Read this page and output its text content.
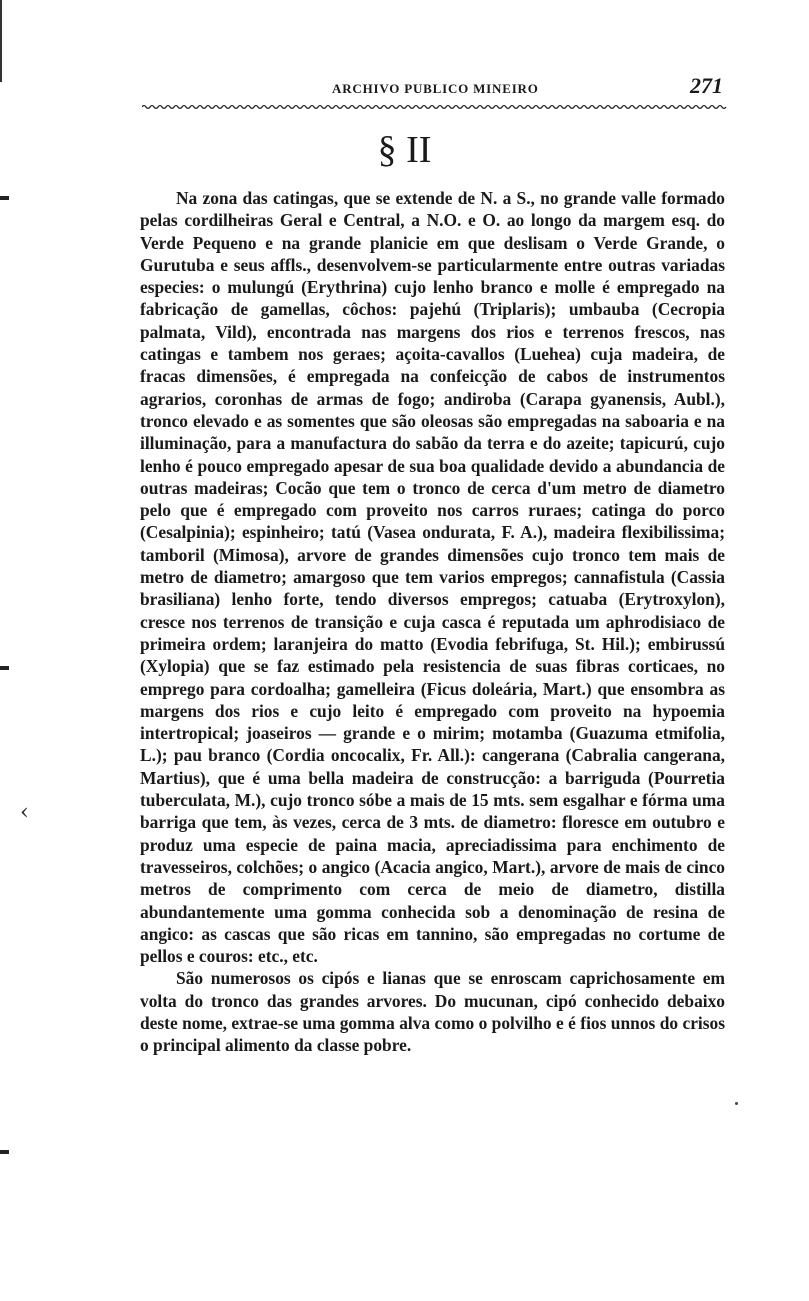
‹
ARCHIVO PUBLICO MINEIRO	271
§ II

Na zona das catingas, que se extende de N. a S., no grande valle formado pelas cordilheiras Geral e Central, a N.O. e O. ao longo da margem esq. do Verde Pequeno e na grande planicie em que deslisam o Verde Grande, o Gurutuba e seus affls., desenvolvem-se particularmente entre outras variadas especies: o mulungú (Erythrina) cujo lenho branco e molle é empregado na fabricação de gamellas, côchos: pajehú (Triplaris); umbauba (Cecropia palmata, Vild), encontrada nas margens dos rios e terrenos frescos, nas catingas e tambem nos geraes; açoita-cavallos (Luehea) cuja madeira, de fracas dimensões, é empregada na confeicção de cabos de instrumentos agrarios, coronhas de armas de fogo; andiroba (Carapa gyanensis, Aubl.), tronco elevado e as somentes que são oleosas são empregadas na saboaria e na illuminação, para a manufactura do sabão da terra e do azeite; tapicurú, cujo lenho é pouco empregado apesar de sua boa qualidade devido a abundancia de outras madeiras; Cocão que tem o tronco de cerca d'um metro de diametro pelo que é empregado com proveito nos carros ruraes; catinga do porco (Cesalpinia); espinheiro; tatú (Vasea ondurata, F. A.), madeira flexibilissima; tamboril (Mimosa), arvore de grandes dimensões cujo tronco tem mais de metro de diametro; amargoso que tem varios empregos; cannafistula (Cassia brasiliana) lenho forte, tendo diversos empregos; catuaba (Erytroxylon), cresce nos terrenos de transição e cuja casca é reputada um aphrodisiaco de primeira ordem; laranjeira do matto (Evodia febrifuga, St. Hil.); embirussú (Xylopia) que se faz estimado pela resistencia de suas fibras corticaes, no emprego para cordoalha; gamelleira (Ficus doleária, Mart.) que ensombra as margens dos rios e cujo leito é empregado com proveito na hypoemia intertropical; joaseiros — grande e o mirim; motamba (Guazuma etmifolia, L.); pau branco (Cordia oncocalix, Fr. All.): cangerana (Cabralia cangerana, Martius), que é uma bella madeira de construcção: a barriguda (Pourretia tuberculata, M.), cujo tronco sóbe a mais de 15 mts. sem esgalhar e fórma uma barriga que tem, às vezes, cerca de 3 mts. de diametro: floresce em outubro e produz uma especie de paina macia, apreciadissima para enchimento de travesseiros, colchões; o angico (Acacia angico, Mart.), arvore de mais de cinco metros de comprimento com cerca de meio de diametro, distilla abundantemente uma gomma conhecida sob a denominação de resina de angico: as cascas que são ricas em tannino, são empregadas no cortume de pellos e couros: etc., etc.

São numerosos os cipós e lianas que se enroscam caprichosamente em volta do tronco das grandes arvores. Do mucunan, cipó conhecido debaixo deste nome, extrae-se uma gomma alva como o polvilho e é fios unnos do crisos o principal alimento da classe pobre.
